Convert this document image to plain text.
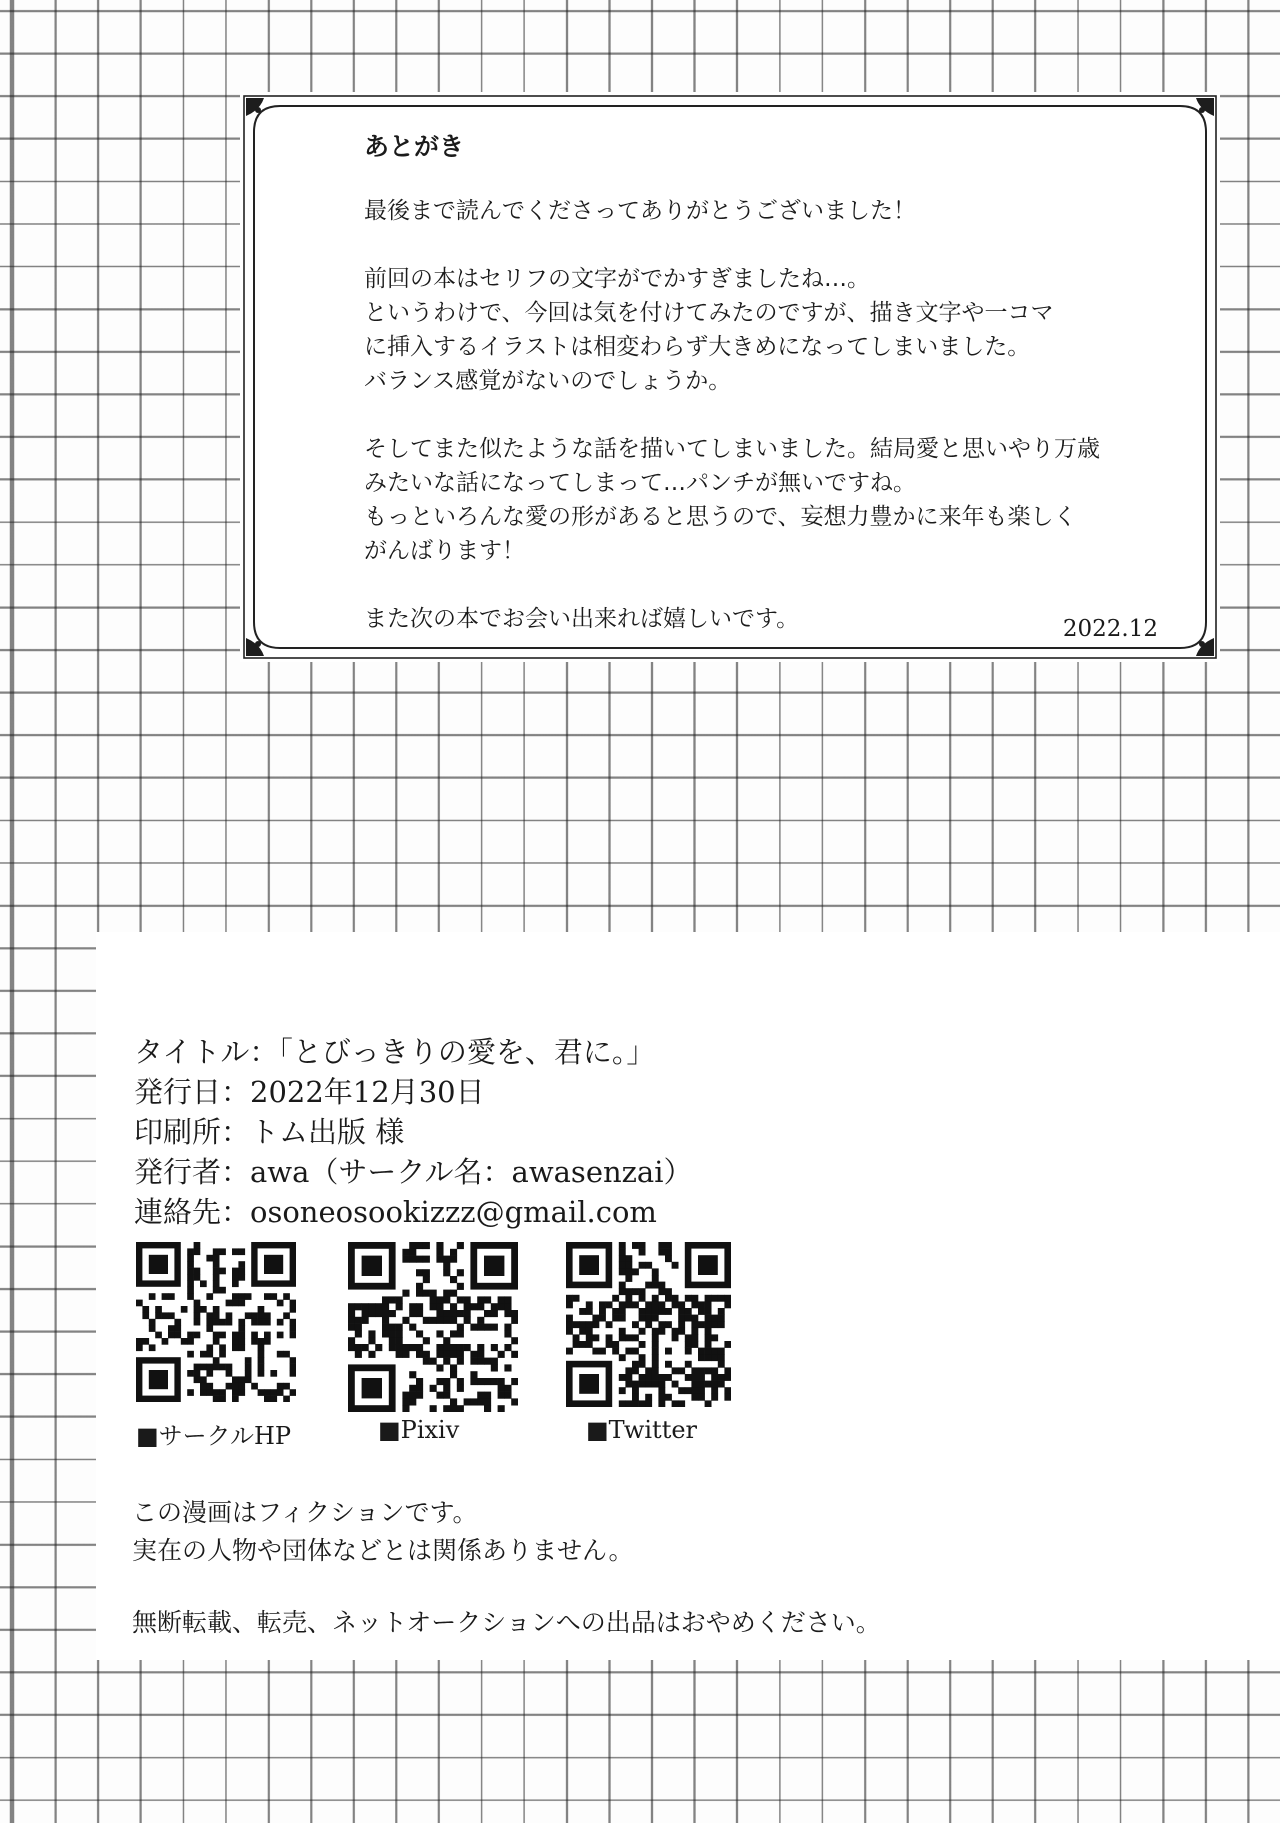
あとがき
最後まで読んでくださってありがとうございました！
前回の本はセリフの文字がでかすぎましたね…。
というわけで、今回は気を付けてみたのですが、描き文字や一コマ
に挿入するイラストは相変わらず大きめになってしまいました。
バランス感覚がないのでしょうか。
そしてまた似たような話を描いてしまいました。結局愛と思いやり万歳
みたいな話になってしまって…パンチが無いですね。
もっといろんな愛の形があると思うので、妄想力豊かに来年も楽しく
がんばります！
また次の本でお会い出来れば嬉しいです。	2022.12
タイトル：「とびっきりの愛を、君に。」
発行日：2022年12月30日
印刷所：トム出版 様
発行者：awa（サークル名：awasenzai）
連絡先：osoneosookizzz@gmail.com
■サークルHP	■Pixiv	■Twitter
この漫画はフィクションです。
実在の人物や団体などとは関係ありません。
無断転載、転売、ネットオークションへの出品はおやめください。
